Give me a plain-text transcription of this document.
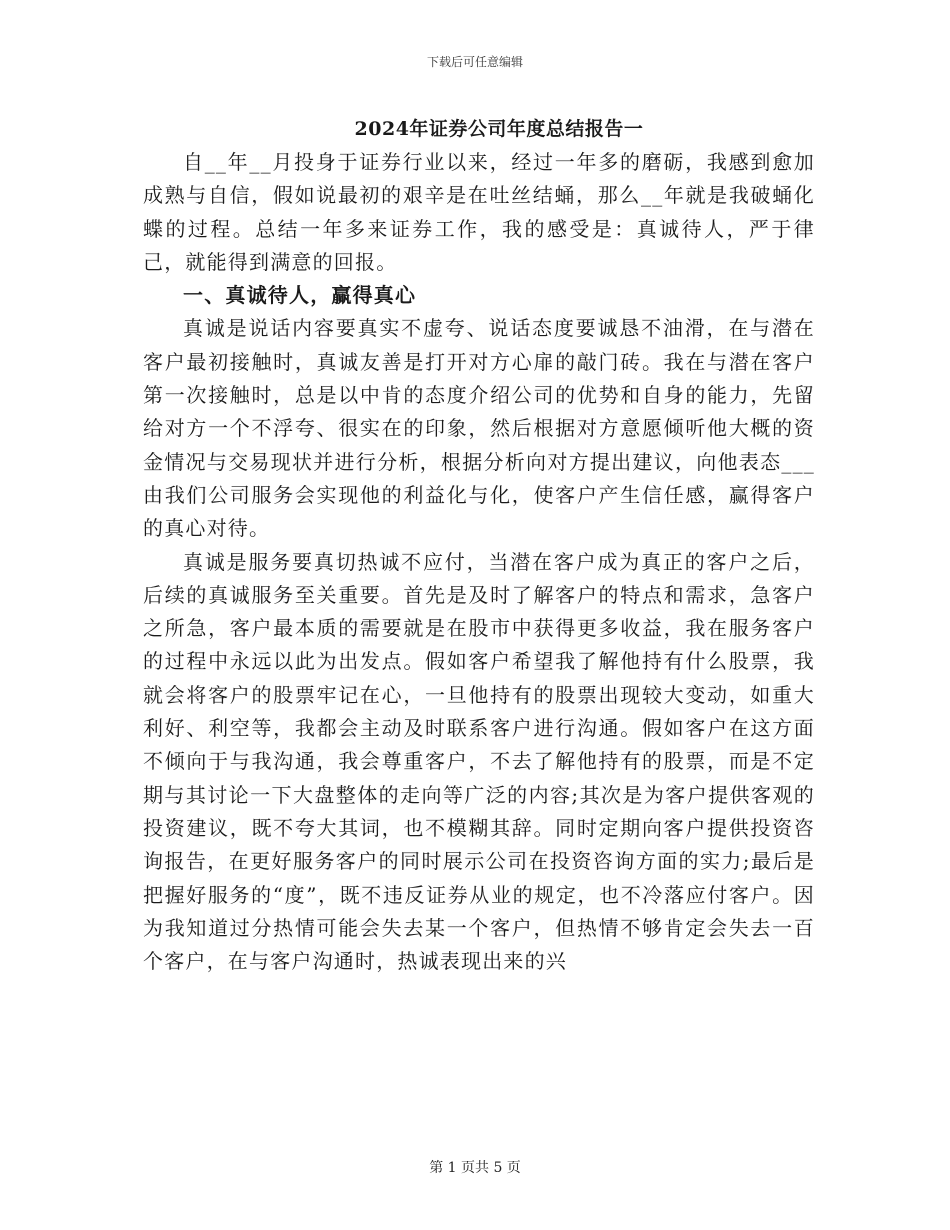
下载后可任意编辑
2024年证券公司年度总结报告一

自__年__月投身于证券行业以来，经过一年多的磨砺，我感到愈加成熟与自信，假如说最初的艰辛是在吐丝结蛹，那么__年就是我破蛹化蝶的过程。总结一年多来证券工作，我的感受是：真诚待人，严于律己，就能得到满意的回报。

一、真诚待人，赢得真心

真诚是说话内容要真实不虚夸、说话态度要诚恳不油滑，在与潜在客户最初接触时，真诚友善是打开对方心扉的敲门砖。我在与潜在客户第一次接触时，总是以中肯的态度介绍公司的优势和自身的能力，先留给对方一个不浮夸、很实在的印象，然后根据对方意愿倾听他大概的资金情况与交易现状并进行分析，根据分析向对方提出建议，向他表态___由我们公司服务会实现他的利益化与化，使客户产生信任感，赢得客户的真心对待。

真诚是服务要真切热诚不应付，当潜在客户成为真正的客户之后，后续的真诚服务至关重要。首先是及时了解客户的特点和需求，急客户之所急，客户最本质的需要就是在股市中获得更多收益，我在服务客户的过程中永远以此为出发点。假如客户希望我了解他持有什么股票，我就会将客户的股票牢记在心，一旦他持有的股票出现较大变动，如重大利好、利空等，我都会主动及时联系客户进行沟通。假如客户在这方面不倾向于与我沟通，我会尊重客户，不去了解他持有的股票，而是不定期与其讨论一下大盘整体的走向等广泛的内容;其次是为客户提供客观的投资建议，既不夸大其词，也不模糊其辞。同时定期向客户提供投资咨询报告，在更好服务客户的同时展示公司在投资咨询方面的实力;最后是把握好服务的“度”，既不违反证券从业的规定，也不冷落应付客户。因为我知道过分热情可能会失去某一个客户，但热情不够肯定会失去一百个客户，在与客户沟通时，热诚表现出来的兴

第 1 页共 5 页
